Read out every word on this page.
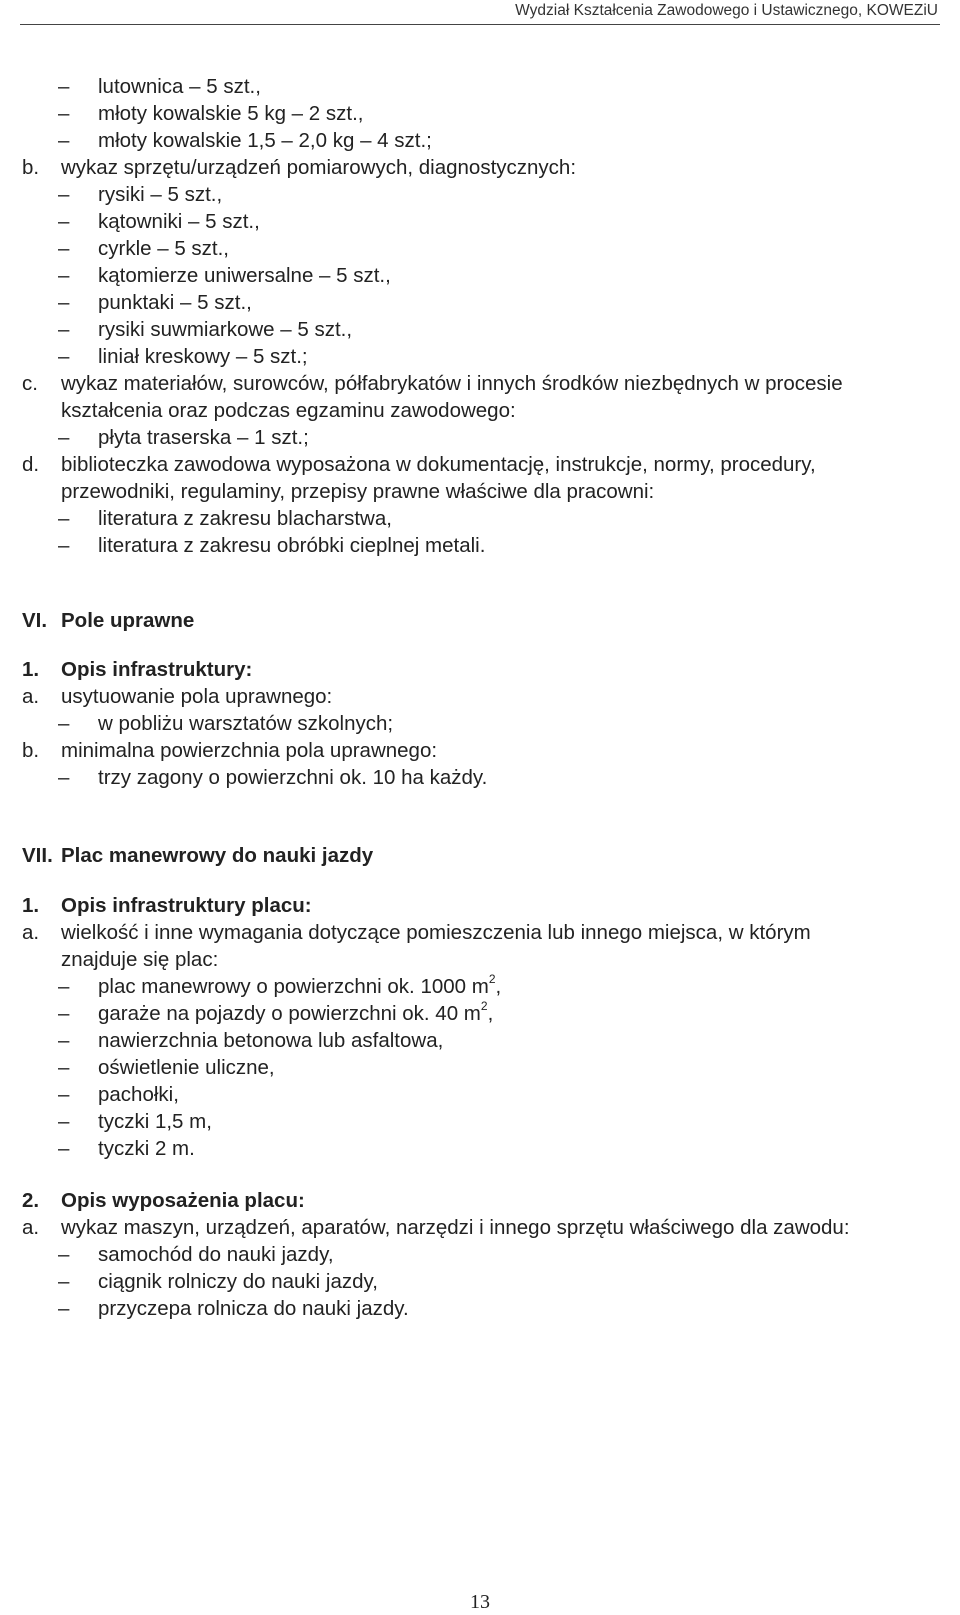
Wydział Kształcenia Zawodowego i Ustawicznego, KOWEZiU
– lutownica – 5 szt.,
– młoty kowalskie 5 kg – 2 szt.,
– młoty kowalskie 1,5 – 2,0 kg – 4 szt.;
b. wykaz sprzętu/urządzeń pomiarowych, diagnostycznych:
– rysiki – 5 szt.,
– kątowniki – 5 szt.,
– cyrkle – 5 szt.,
– kątomierze uniwersalne – 5 szt.,
– punktaki – 5 szt.,
– rysiki suwmiarkowe – 5 szt.,
– liniał kreskowy – 5 szt.;
c. wykaz materiałów, surowców, półfabrykatów i innych środków niezbędnych w procesie
kształcenia oraz podczas egzaminu zawodowego:
– płyta traserska – 1 szt.;
d. biblioteczka zawodowa wyposażona w dokumentację, instrukcje, normy, procedury,
przewodniki, regulaminy, przepisy prawne właściwe dla pracowni:
– literatura z zakresu blacharstwa,
– literatura z zakresu obróbki cieplnej metali.
VI. Pole uprawne
1. Opis infrastruktury:
a. usytuowanie pola uprawnego:
– w pobliżu warsztatów szkolnych;
b. minimalna powierzchnia pola uprawnego:
– trzy zagony o powierzchni ok. 10 ha każdy.
VII. Plac manewrowy do nauki jazdy
1. Opis infrastruktury placu:
a. wielkość i inne wymagania dotyczące pomieszczenia lub innego miejsca, w którym
znajduje się plac:
– plac manewrowy o powierzchni ok. 1000 $m^2$,
– garaże na pojazdy o powierzchni ok. 40 $m^2$,
– nawierzchnia betonowa lub asfaltowa,
– oświetlenie uliczne,
– pachołki,
– tyczki 1,5 m,
– tyczki 2 m.
2. Opis wyposażenia placu:
a. wykaz maszyn, urządzeń, aparatów, narzędzi i innego sprzętu właściwego dla zawodu:
– samochód do nauki jazdy,
– ciągnik rolniczy do nauki jazdy,
– przyczepa rolnicza do nauki jazdy.
13
